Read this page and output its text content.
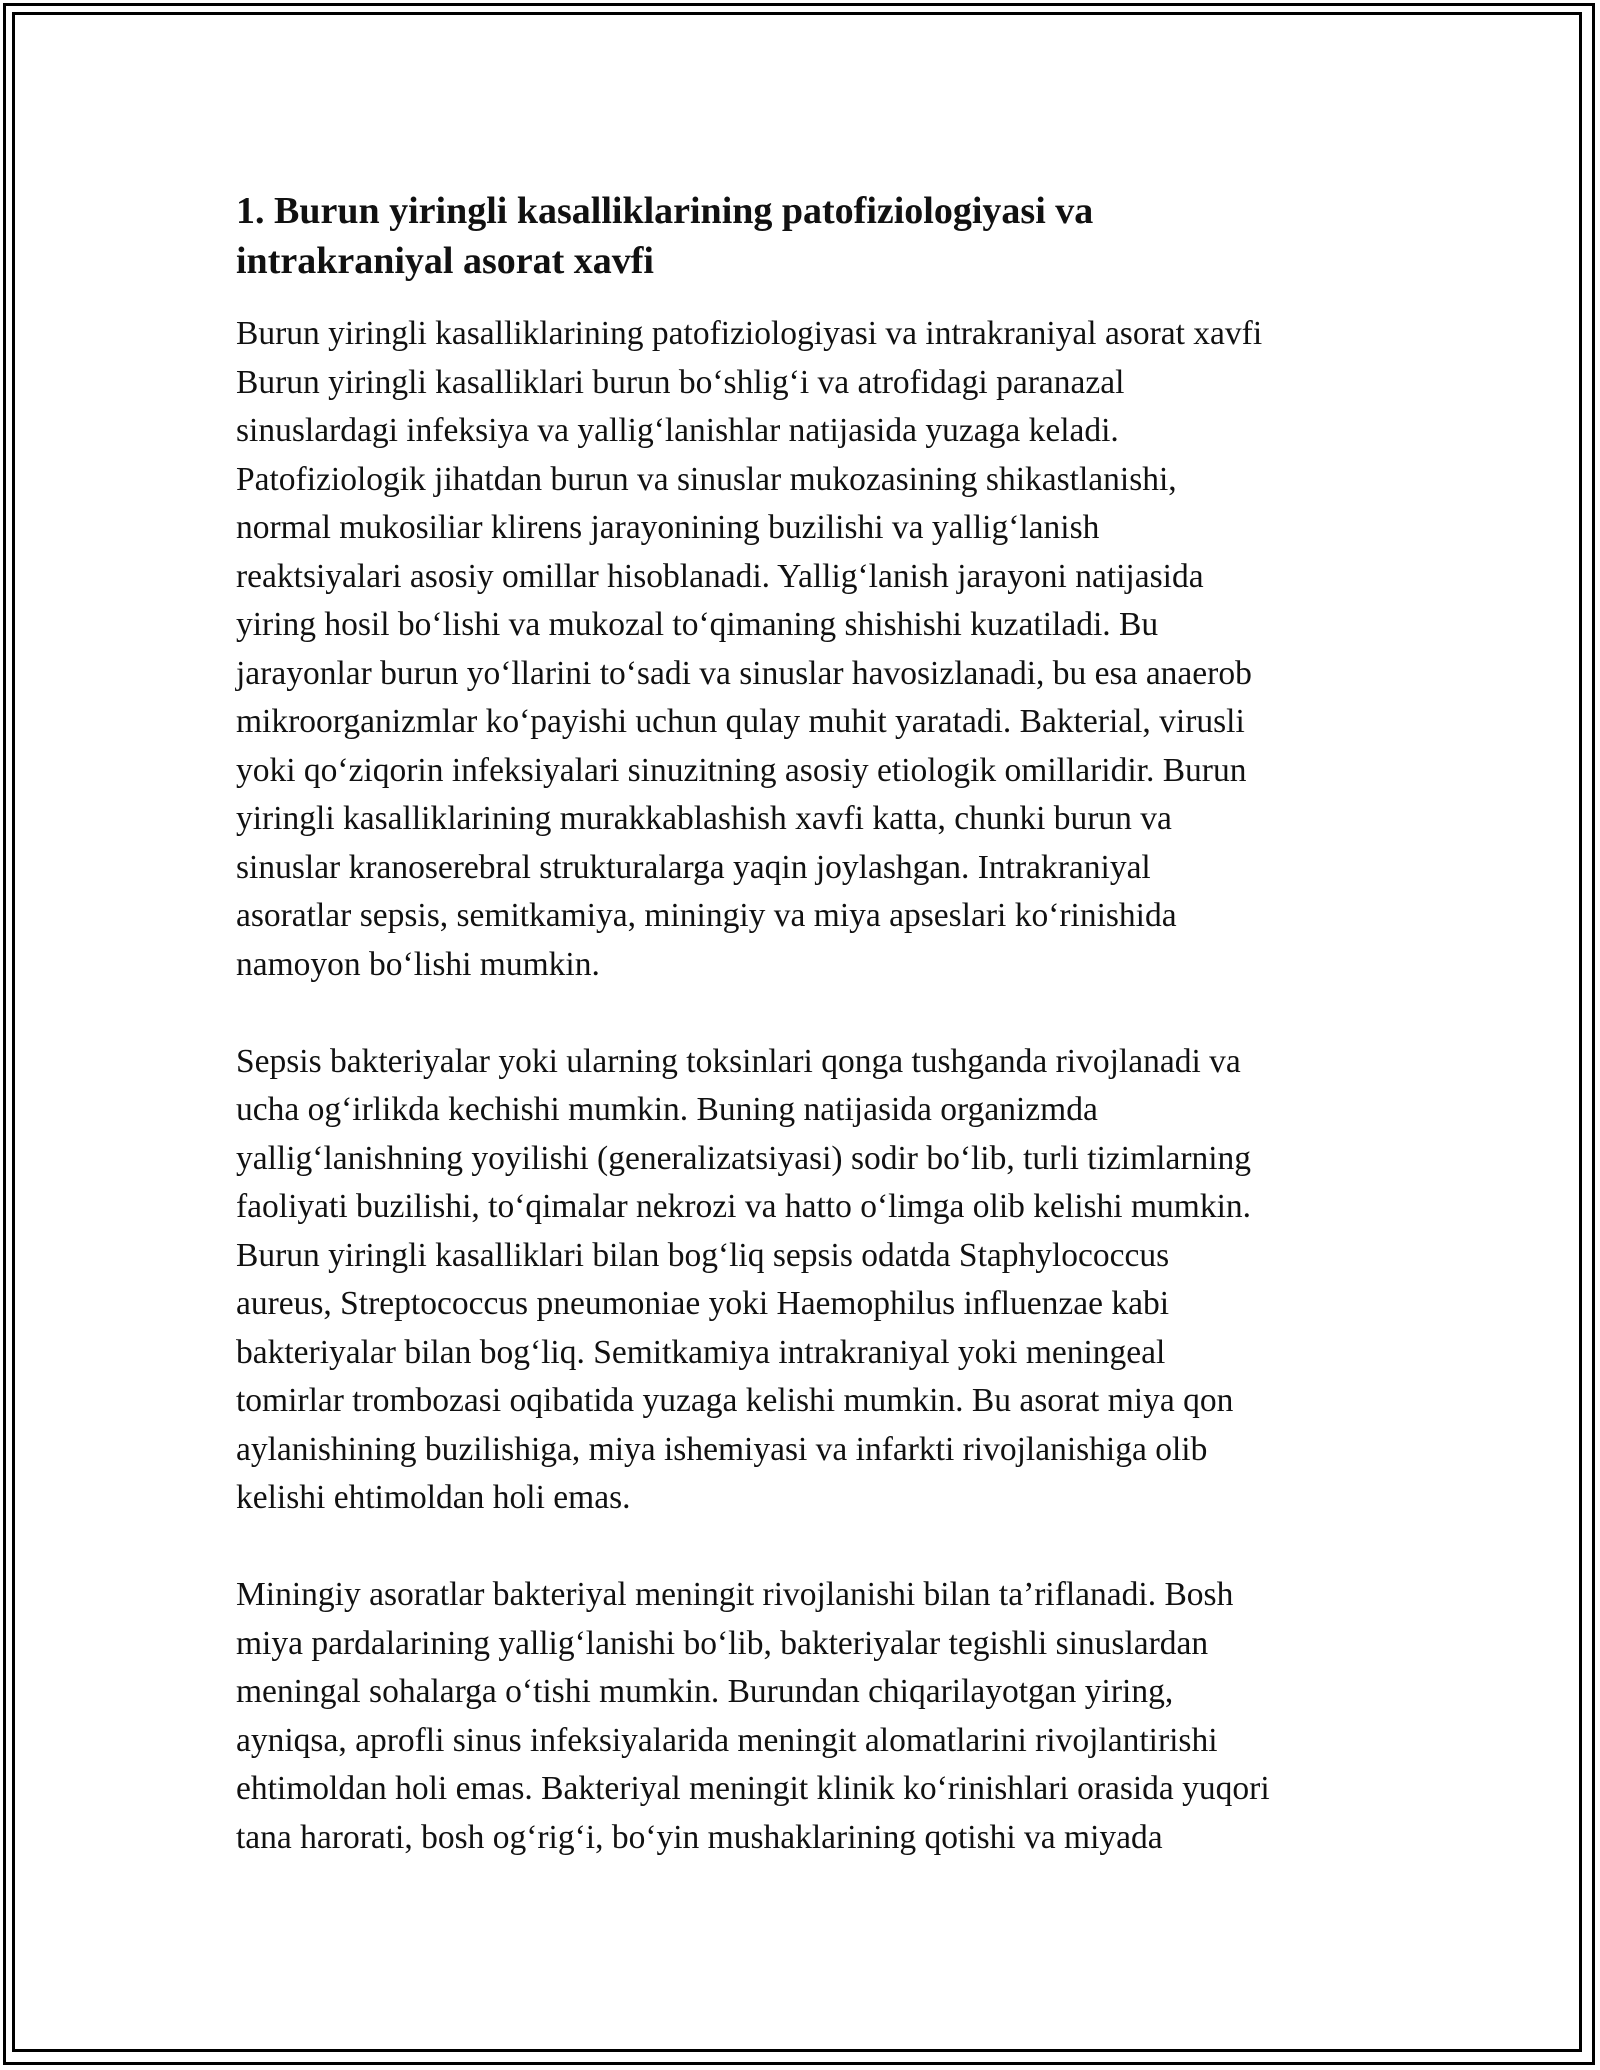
1. Burun yiringli kasalliklarining patofiziologiyasi va
intrakraniyal asorat xavfi

Burun yiringli kasalliklarining patofiziologiyasi va intrakraniyal asorat xavfi
Burun yiringli kasalliklari burun bo‘shlig‘i va atrofidagi paranazal
sinuslardagi infeksiya va yallig‘lanishlar natijasida yuzaga keladi.
Patofiziologik jihatdan burun va sinuslar mukozasining shikastlanishi,
normal mukosiliar klirens jarayonining buzilishi va yallig‘lanish
reaktsiyalari asosiy omillar hisoblanadi. Yallig‘lanish jarayoni natijasida
yiring hosil bo‘lishi va mukozal to‘qimaning shishishi kuzatiladi. Bu
jarayonlar burun yo‘llarini to‘sadi va sinuslar havosizlanadi, bu esa anaerob
mikroorganizmlar ko‘payishi uchun qulay muhit yaratadi. Bakterial, virusli
yoki qo‘ziqorin infeksiyalari sinuzitning asosiy etiologik omillaridir. Burun
yiringli kasalliklarining murakkablashish xavfi katta, chunki burun va
sinuslar kranoserebral strukturalarga yaqin joylashgan. Intrakraniyal
asoratlar sepsis, semitkamiya, miningiy va miya apseslari ko‘rinishida
namoyon bo‘lishi mumkin.

Sepsis bakteriyalar yoki ularning toksinlari qonga tushganda rivojlanadi va
ucha og‘irlikda kechishi mumkin. Buning natijasida organizmda
yallig‘lanishning yoyilishi (generalizatsiyasi) sodir bo‘lib, turli tizimlarning
faoliyati buzilishi, to‘qimalar nekrozi va hatto o‘limga olib kelishi mumkin.
Burun yiringli kasalliklari bilan bog‘liq sepsis odatda Staphylococcus
aureus, Streptococcus pneumoniae yoki Haemophilus influenzae kabi
bakteriyalar bilan bog‘liq. Semitkamiya intrakraniyal yoki meningeal
tomirlar trombozasi oqibatida yuzaga kelishi mumkin. Bu asorat miya qon
aylanishining buzilishiga, miya ishemiyasi va infarkti rivojlanishiga olib
kelishi ehtimoldan holi emas.

Miningiy asoratlar bakteriyal meningit rivojlanishi bilan ta’riflanadi. Bosh
miya pardalarining yallig‘lanishi bo‘lib, bakteriyalar tegishli sinuslardan
meningal sohalarga o‘tishi mumkin. Burundan chiqarilayotgan yiring,
ayniqsa, aprofli sinus infeksiyalarida meningit alomatlarini rivojlantirishi
ehtimoldan holi emas. Bakteriyal meningit klinik ko‘rinishlari orasida yuqori
tana harorati, bosh og‘rig‘i, bo‘yin mushaklarining qotishi va miyada
